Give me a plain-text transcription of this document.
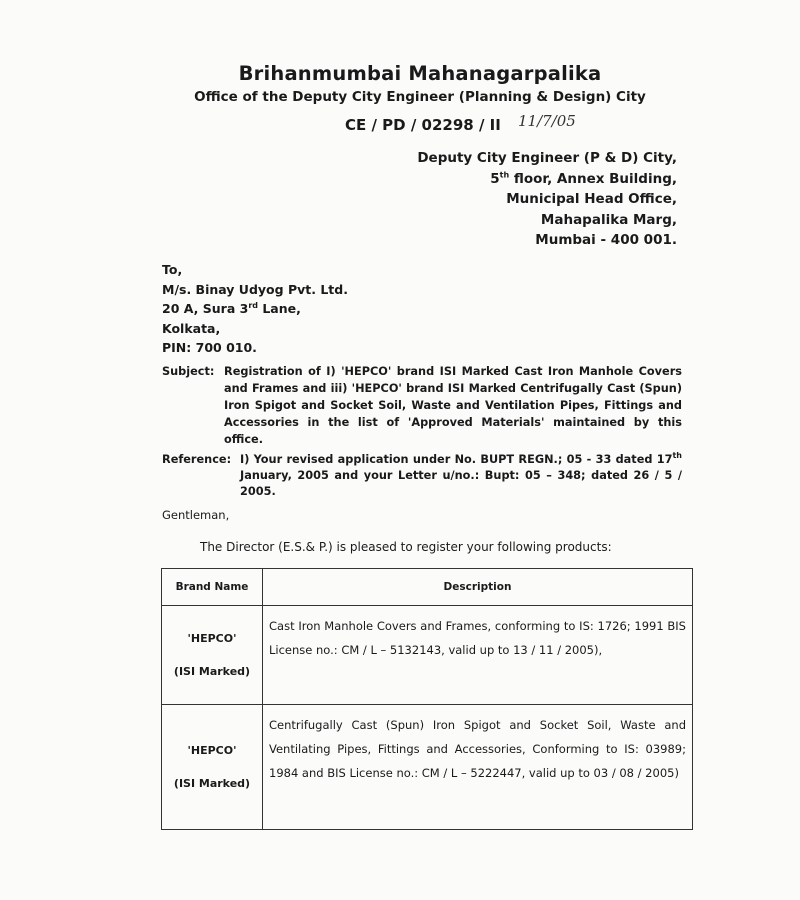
Brihanmumbai Mahanagarpalika
Office of the Deputy City Engineer (Planning & Design) City
CE / PD / 02298 / II 11/7/05
Deputy City Engineer (P & D) City,
5th floor, Annex Building,
Municipal Head Office,
Mahapalika Marg,
Mumbai - 400 001.
To,
M/s. Binay Udyog Pvt. Ltd.
20 A, Sura 3rd Lane,
Kolkata,
PIN: 700 010.
Subject: Registration of I) 'HEPCO' brand ISI Marked Cast Iron Manhole Covers and Frames and iii) 'HEPCO' brand ISI Marked Centrifugally Cast (Spun) Iron Spigot and Socket Soil, Waste and Ventilation Pipes, Fittings and Accessories in the list of 'Approved Materials' maintained by this office.
Reference: I) Your revised application under No. BUPT REGN.; 05 - 33 dated 17th January, 2005 and your Letter u/no.: Bupt: 05 – 348; dated 26 / 5 / 2005.
Gentleman,
The Director (E.S.& P.) is pleased to register your following products:
Brand Name	Description

'HEPCO'
(ISI Marked)	Cast Iron Manhole Covers and Frames, conforming to IS: 1726; 1991 BIS License no.: CM / L – 5132143, valid up to 13 / 11 / 2005),

'HEPCO'
(ISI Marked)	Centrifugally Cast (Spun) Iron Spigot and Socket Soil, Waste and Ventilating Pipes, Fittings and Accessories, Conforming to IS: 03989; 1984 and BIS License no.: CM / L – 5222447, valid up to 03 / 08 / 2005)
